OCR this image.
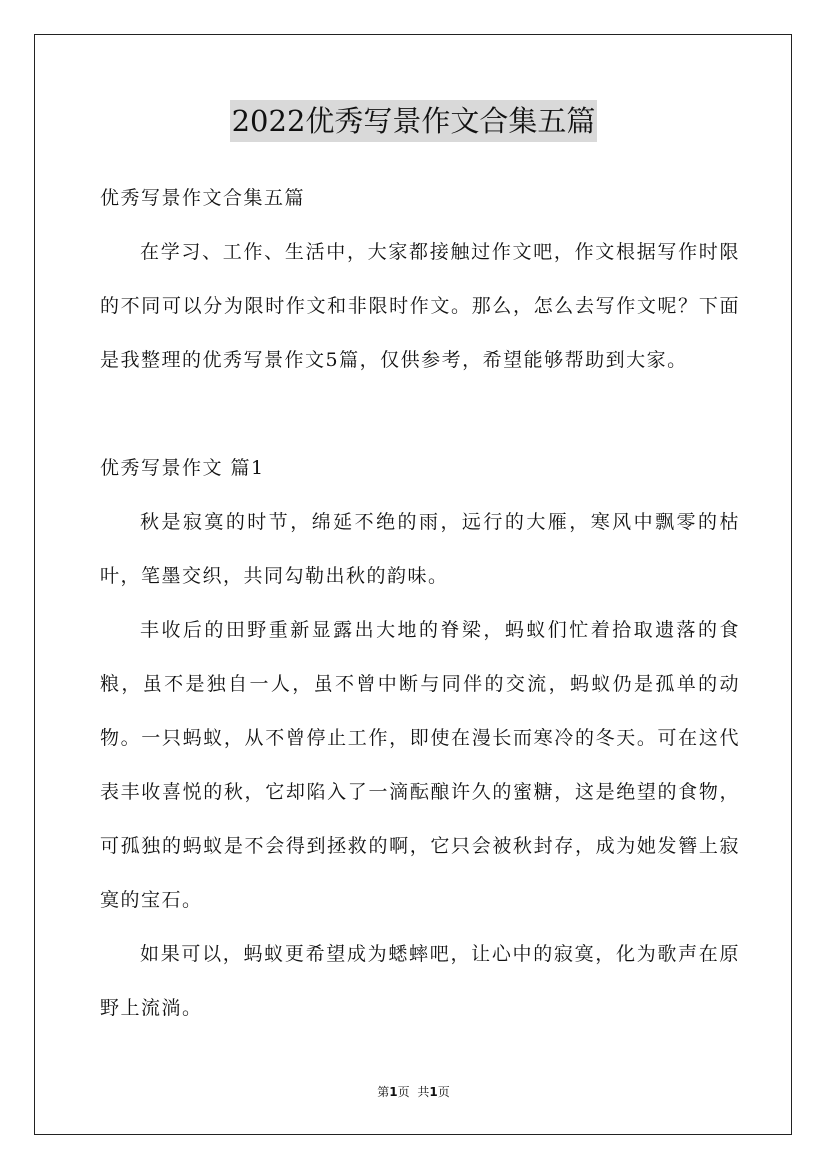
2022优秀写景作文合集五篇

优秀写景作文合集五篇

在学习、工作、生活中，大家都接触过作文吧，作文根据写作时限的不同可以分为限时作文和非限时作文。那么，怎么去写作文呢？下面是我整理的优秀写景作文5篇，仅供参考，希望能够帮助到大家。

优秀写景作文 篇1

秋是寂寞的时节，绵延不绝的雨，远行的大雁，寒风中飘零的枯叶，笔墨交织，共同勾勒出秋的韵味。

丰收后的田野重新显露出大地的脊梁，蚂蚁们忙着拾取遗落的食粮，虽不是独自一人，虽不曾中断与同伴的交流，蚂蚁仍是孤单的动物。一只蚂蚁，从不曾停止工作，即使在漫长而寒冷的冬天。可在这代表丰收喜悦的秋，它却陷入了一滴酝酿许久的蜜糖，这是绝望的食物，可孤独的蚂蚁是不会得到拯救的啊，它只会被秋封存，成为她发簪上寂寞的宝石。

如果可以，蚂蚁更希望成为蟋蟀吧，让心中的寂寞，化为歌声在原野上流淌。

第1页 共1页
